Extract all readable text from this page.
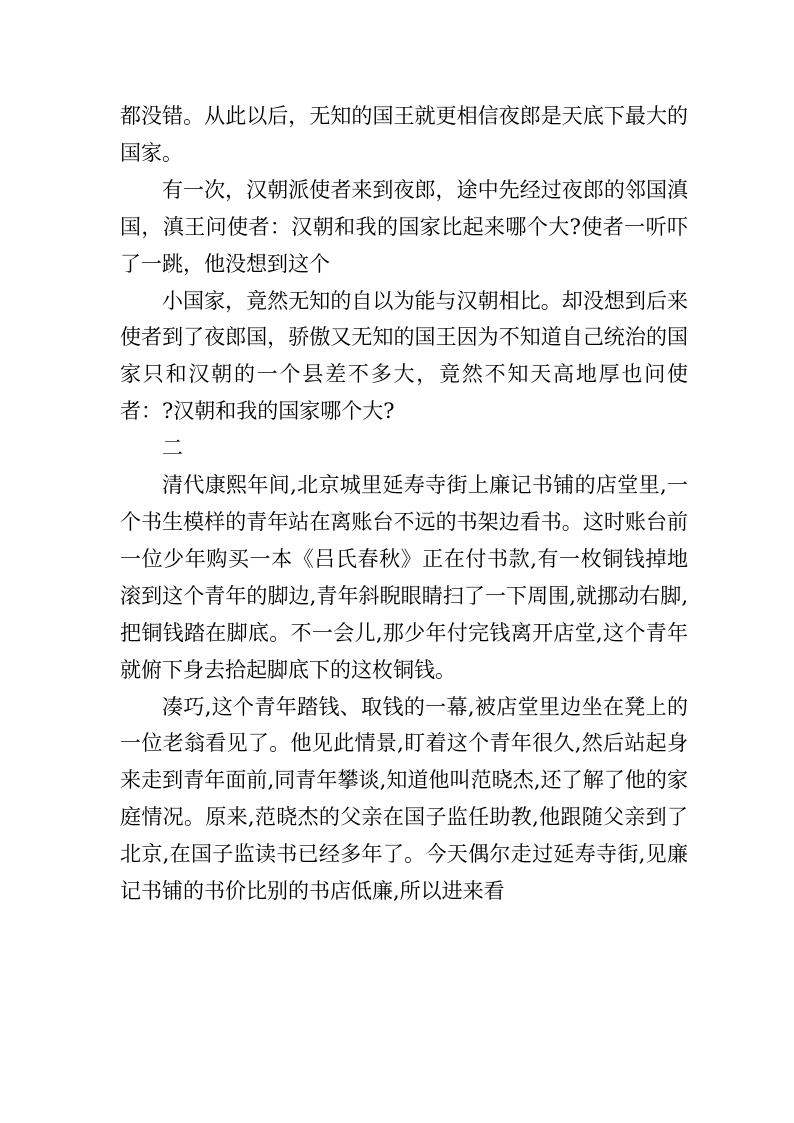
都没错。从此以后，无知的国王就更相信夜郎是天底下最大的国家。

有一次，汉朝派使者来到夜郎，途中先经过夜郎的邻国滇国，滇王问使者：汉朝和我的国家比起来哪个大?使者一听吓了一跳，他没想到这个

小国家，竟然无知的自以为能与汉朝相比。却没想到后来使者到了夜郎国，骄傲又无知的国王因为不知道自己统治的国家只和汉朝的一个县差不多大，竟然不知天高地厚也问使者：?汉朝和我的国家哪个大?

二

清代康熙年间,北京城里延寿寺街上廉记书铺的店堂里,一个书生模样的青年站在离账台不远的书架边看书。这时账台前一位少年购买一本《吕氏春秋》正在付书款,有一枚铜钱掉地滚到这个青年的脚边,青年斜睨眼睛扫了一下周围,就挪动右脚,把铜钱踏在脚底。不一会儿,那少年付完钱离开店堂,这个青年就俯下身去拾起脚底下的这枚铜钱。

凑巧,这个青年踏钱、取钱的一幕,被店堂里边坐在凳上的一位老翁看见了。他见此情景,盯着这个青年很久,然后站起身来走到青年面前,同青年攀谈,知道他叫范晓杰,还了解了他的家庭情况。原来,范晓杰的父亲在国子监任助教,他跟随父亲到了北京,在国子监读书已经多年了。今天偶尔走过延寿寺街,见廉记书铺的书价比别的书店低廉,所以进来看
